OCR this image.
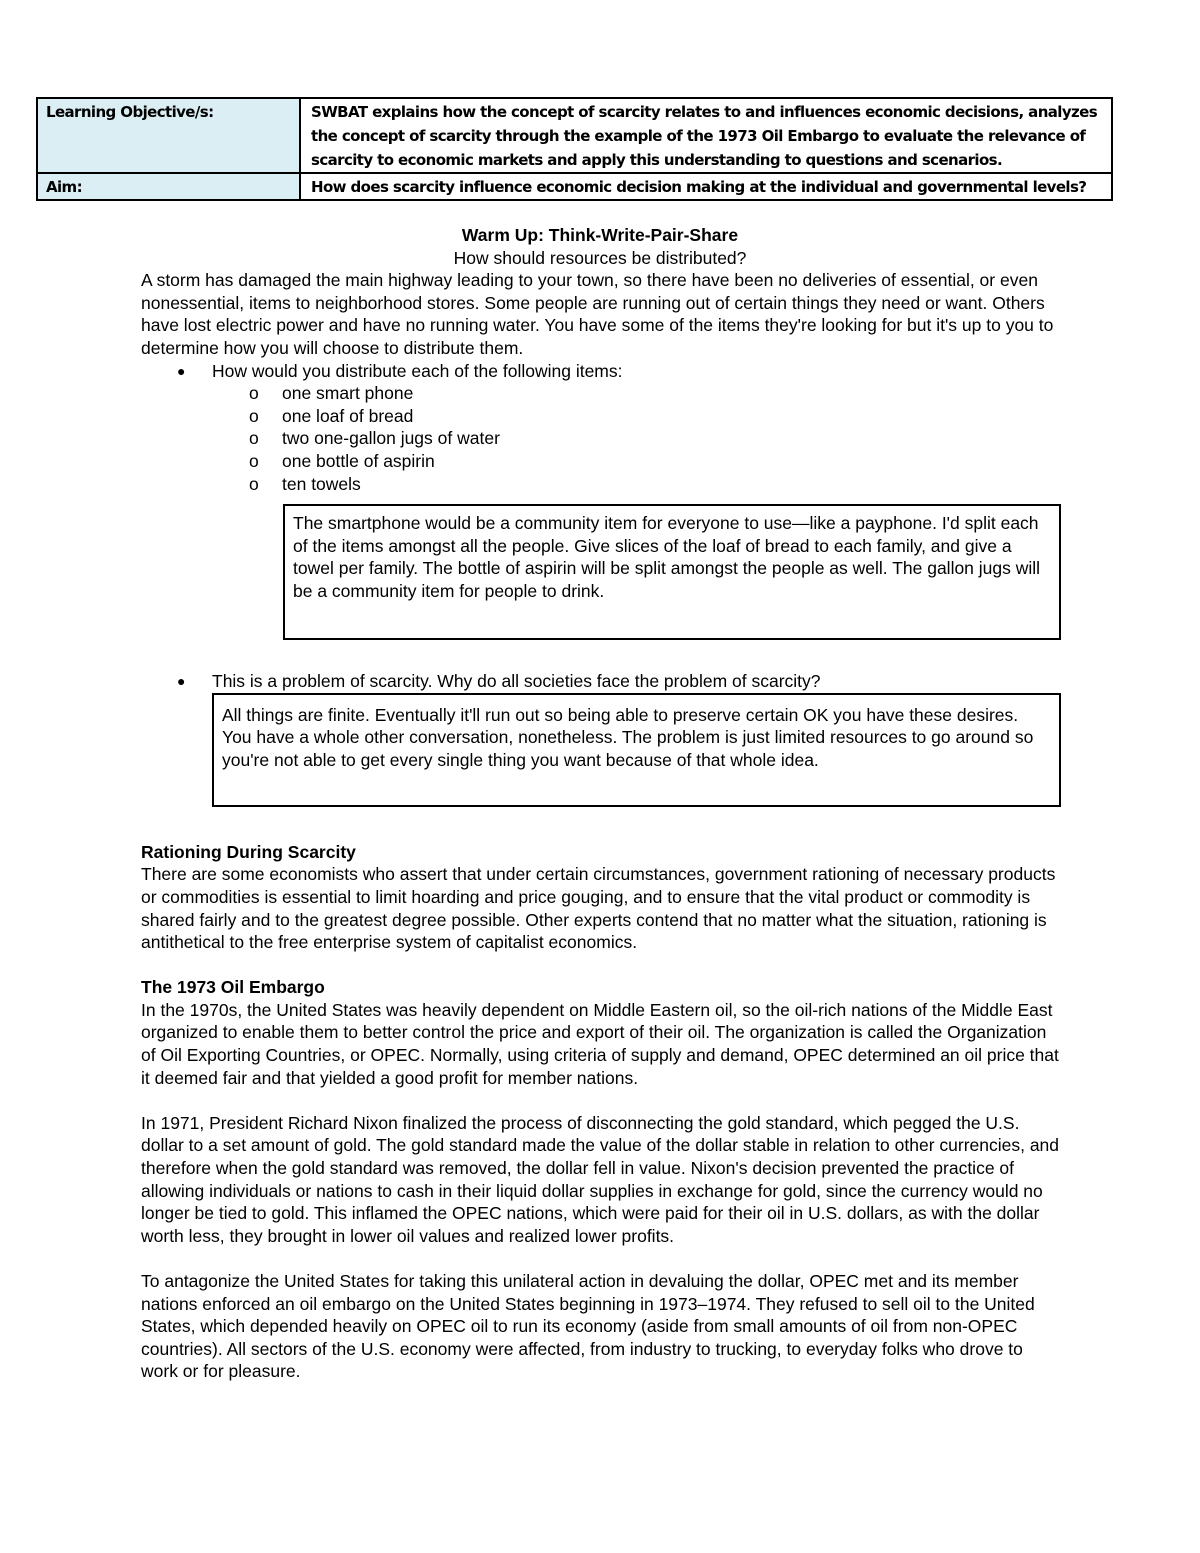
Learning Objective/s:	SWBAT explains how the concept of scarcity relates to and influences economic decisions, analyzes the concept of scarcity through the example of the 1973 Oil Embargo to evaluate the relevance of scarcity to economic markets and apply this understanding to questions and scenarios.
Aim:	How does scarcity influence economic decision making at the individual and governmental levels?

Warm Up: Think-Write-Pair-Share

How should resources be distributed?

A storm has damaged the main highway leading to your town, so there have been no deliveries of essential, or even nonessential, items to neighborhood stores. Some people are running out of certain things they need or want. Others have lost electric power and have no running water. You have some of the items they're looking for but it's up to you to determine how you will choose to distribute them.

● How would you distribute each of the following items:
o one smart phone
o one loaf of bread
o two one-gallon jugs of water
o one bottle of aspirin
o ten towels
The smartphone would be a community item for everyone to use—like a payphone. I'd split each of the items amongst all the people. Give slices of the loaf of bread to each family, and give a towel per family. The bottle of aspirin will be split amongst the people as well. The gallon jugs will be a community item for people to drink.
● This is a problem of scarcity. Why do all societies face the problem of scarcity?
All things are finite. Eventually it'll run out so being able to preserve certain OK you have these desires. You have a whole other conversation, nonetheless. The problem is just limited resources to go around so you're not able to get every single thing you want because of that whole idea.

Rationing During Scarcity

There are some economists who assert that under certain circumstances, government rationing of necessary products or commodities is essential to limit hoarding and price gouging, and to ensure that the vital product or commodity is shared fairly and to the greatest degree possible. Other experts contend that no matter what the situation, rationing is antithetical to the free enterprise system of capitalist economics.

The 1973 Oil Embargo

In the 1970s, the United States was heavily dependent on Middle Eastern oil, so the oil-rich nations of the Middle East organized to enable them to better control the price and export of their oil. The organization is called the Organization of Oil Exporting Countries, or OPEC. Normally, using criteria of supply and demand, OPEC determined an oil price that it deemed fair and that yielded a good profit for member nations.

In 1971, President Richard Nixon finalized the process of disconnecting the gold standard, which pegged the U.S. dollar to a set amount of gold. The gold standard made the value of the dollar stable in relation to other currencies, and therefore when the gold standard was removed, the dollar fell in value. Nixon's decision prevented the practice of allowing individuals or nations to cash in their liquid dollar supplies in exchange for gold, since the currency would no longer be tied to gold. This inflamed the OPEC nations, which were paid for their oil in U.S. dollars, as with the dollar worth less, they brought in lower oil values and realized lower profits.

To antagonize the United States for taking this unilateral action in devaluing the dollar, OPEC met and its member nations enforced an oil embargo on the United States beginning in 1973–1974. They refused to sell oil to the United States, which depended heavily on OPEC oil to run its economy (aside from small amounts of oil from non-OPEC countries). All sectors of the U.S. economy were affected, from industry to trucking, to everyday folks who drove to work or for pleasure.
